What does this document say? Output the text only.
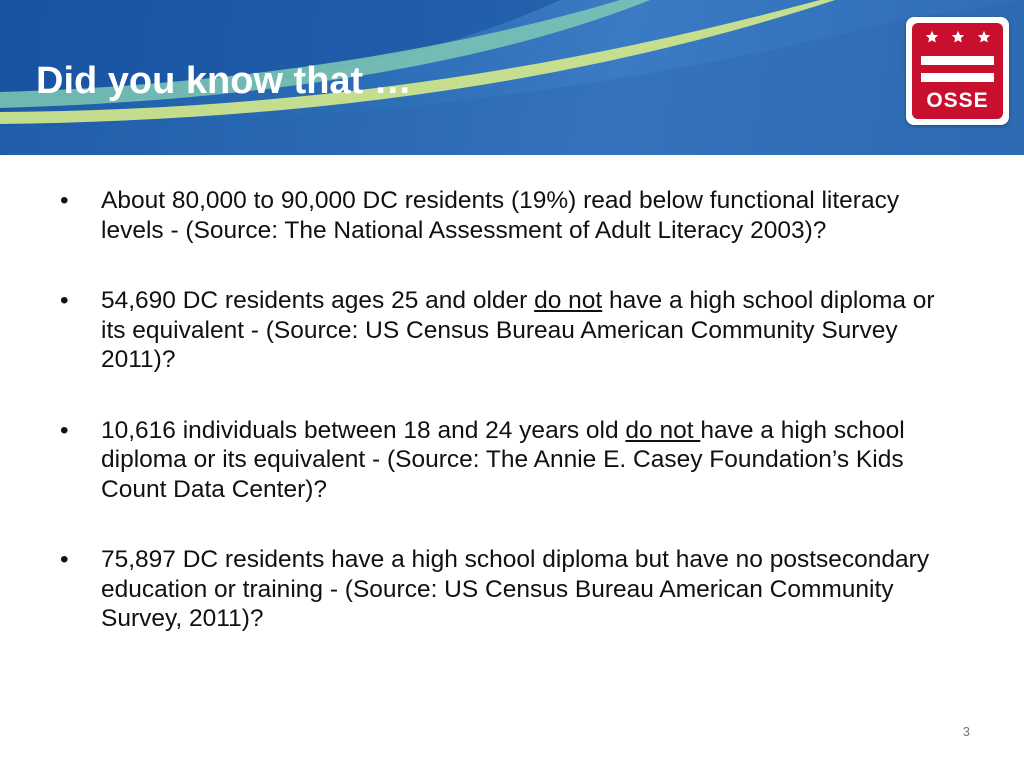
Did you know that …	OSSE
• About 80,000 to 90,000 DC residents (19%) read below functional literacy levels - (Source: The National Assessment of Adult Literacy 2003)?
• 54,690 DC residents ages 25 and older do not have a high school diploma or its equivalent - (Source: US Census Bureau American Community Survey 2011)?
• 10,616 individuals between 18 and 24 years old do not have a high school diploma or its equivalent - (Source: The Annie E. Casey Foundation’s Kids Count Data Center)?
• 75,897 DC residents have a high school diploma but have no postsecondary education or training - (Source: US Census Bureau American Community Survey, 2011)?
3
